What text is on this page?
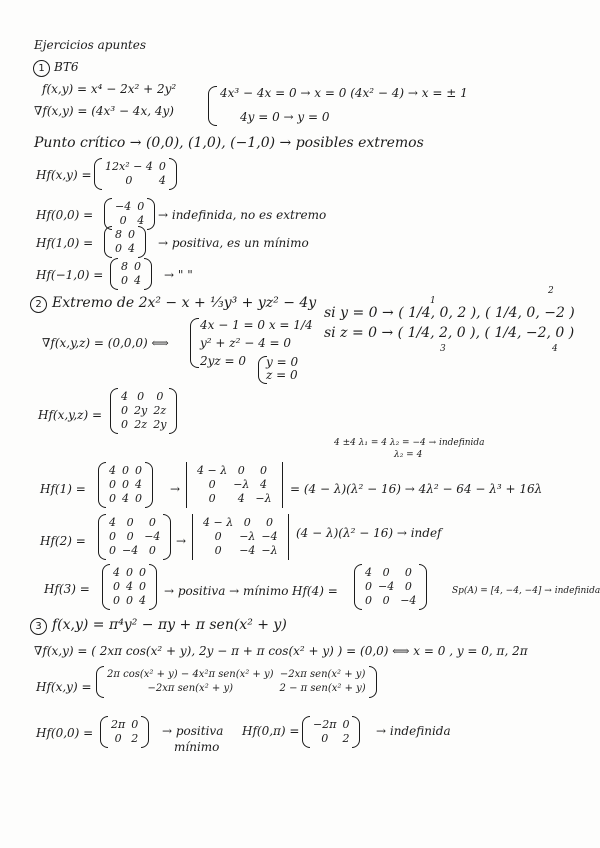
Ejercicios apuntes
1 BT6
f(x,y) = x⁴ − 2x² + 2y²
∇f(x,y) = (4x³ − 4x, 4y)
4x³ − 4x = 0 → x = 0 (4x² − 4) → x = ± 1
4y = 0 → y = 0
Punto crítico → (0,0), (1,0), (−1,0) → posibles extremos
Hf(x,y) =
12x² − 4 0
0	4
Hf(0,0) =
−4 0
0 4 → indefinida, no es extremo
Hf(1,0) =
8 0
0 4 → positiva, es un mínimo
Hf(−1,0) =
8 0
0 4 → " "
2 Extremo de 2x² − x + ⅓y³ + yz² − 4y
∇f(x,y,z) = (0,0,0) ⟺
4x − 1 = 0 x = 1/4
y² + z² − 4 = 0
2yz = 0 y = 0
z = 0
si y = 0 → ( 1/4, 0, 2 ), ( 1/4, 0, −2 )
si z = 0 → ( 1/4, 2, 0 ), ( 1/4, −2, 0 )
1
2
3	4
Hf(x,y,z) =
4 0	0
0 2y 2z
0 2z 2y
4 ±4 λ₁ = 4 λ₂ = −4 → indefinida
λ₂ = 4
Hf(1) =
4 0 0
0 0 4
0 4 0
→
4 − λ 0	0
0	−λ 4
0	4 −λ
= (4 − λ)(λ² − 16) → 4λ² − 64 − λ³ + 16λ
Hf(2) =
4 0	0
0 0 −4
0 −4 0
→
4 − λ 0	0
0	−λ −4
0	−4 −λ
(4 − λ)(λ² − 16) → indef
Hf(3) =
4 0 0
0 4 0
0 0 4
→ positiva → mínimo Hf(4) =
4 0	0
0 −4 0
0 0 −4
Sp(A) = [4, −4, −4] → indefinida
3 f(x,y) = π⁴y² − πy + π sen(x² + y)
∇f(x,y) = ( 2xπ cos(x² + y), 2y − π + π cos(x² + y) ) = (0,0) ⟺ x = 0 , y = 0, π, 2π
Hf(x,y) =
2π cos(x² + y) − 4x²π sen(x² + y) −2xπ sen(x² + y)
−2xπ sen(x² + y)	2 − π sen(x² + y)
Hf(0,0) =
2π 0
0 2
→ positiva
mínimo
Hf(0,π) = −2π 0
0	2
→ indefinida
